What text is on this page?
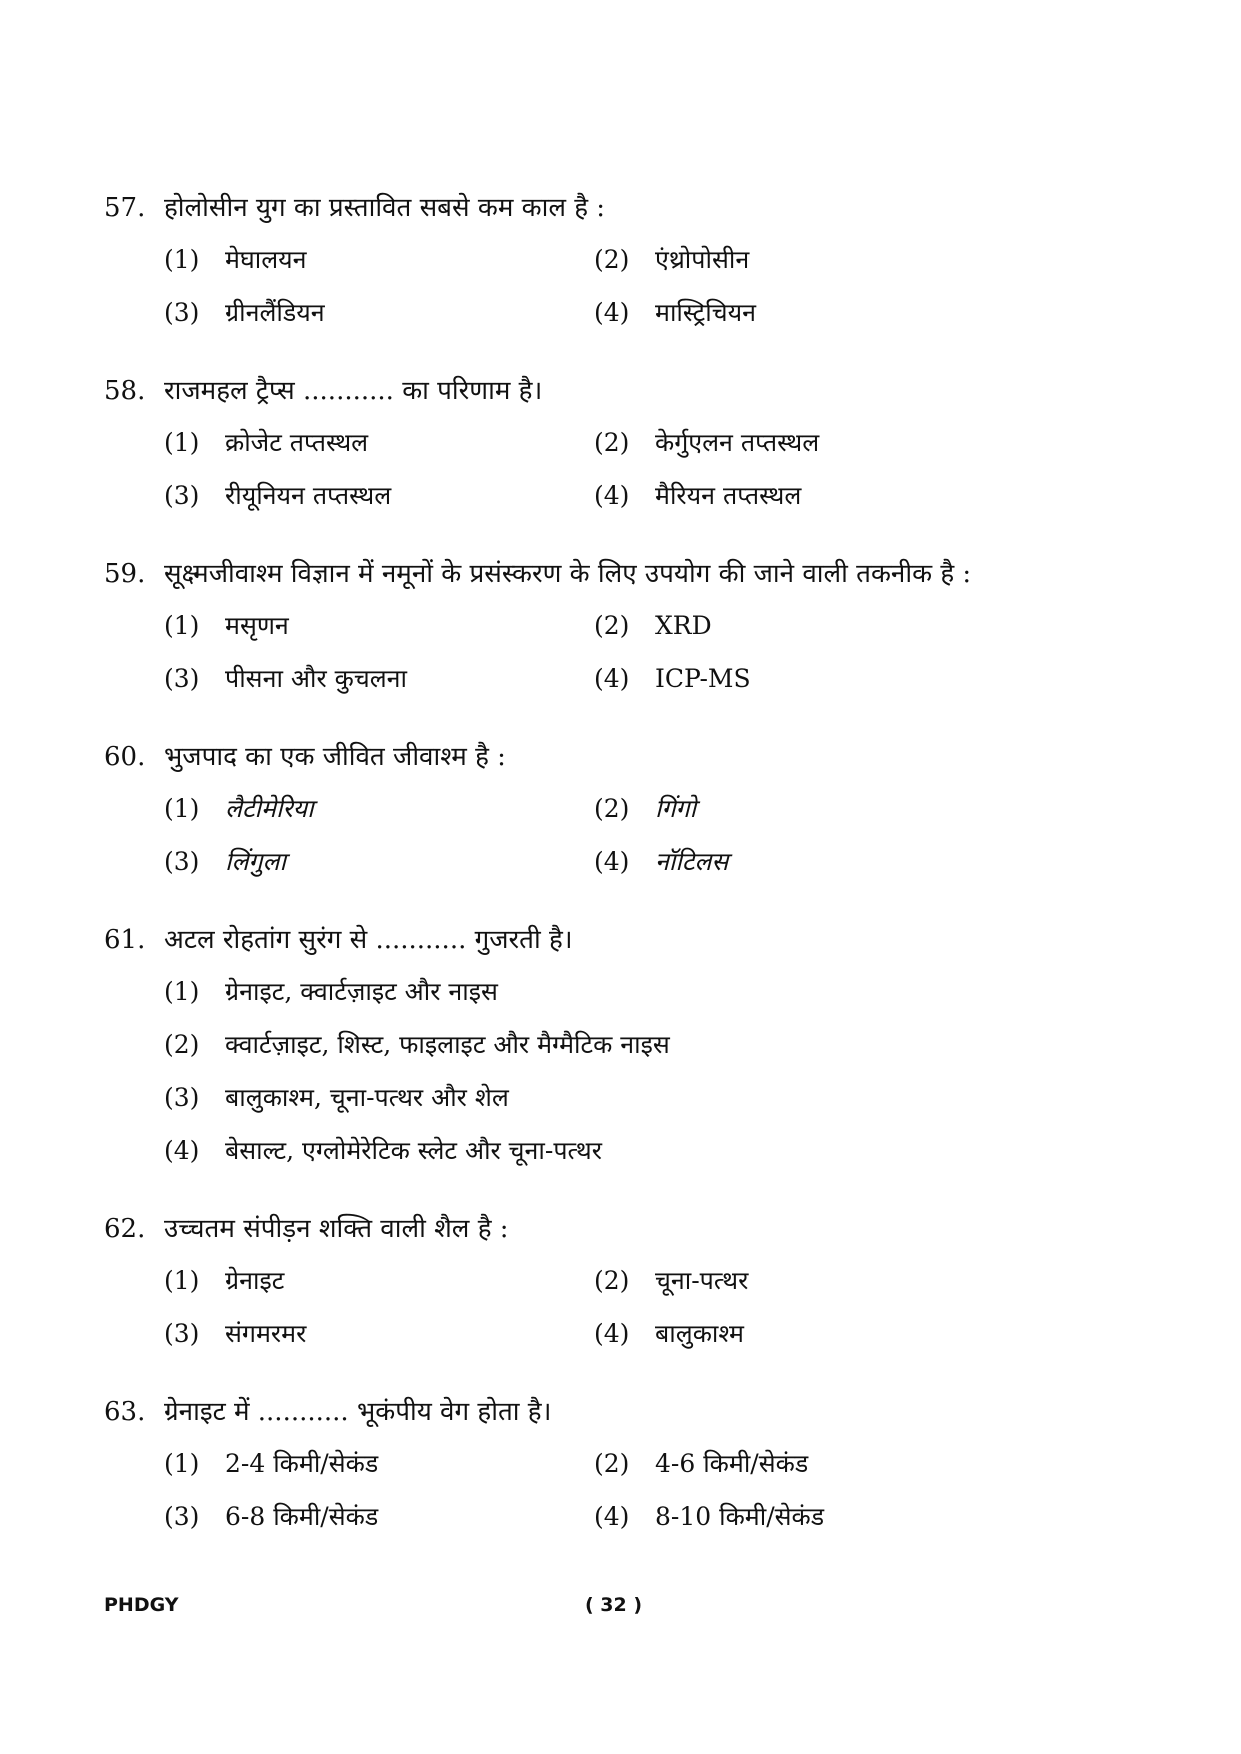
57. होलोसीन युग का प्रस्तावित सबसे कम काल है :
(1)	मेघालयन	(2)	एंथ्रोपोसीन
(3)	ग्रीनलैंडियन	(4)	मास्ट्रिचियन
58. राजमहल ट्रैप्स ........... का परिणाम है।
(1)	क्रोजेट तप्तस्थल	(2)	केर्गुएलन तप्तस्थल
(3)	रीयूनियन तप्तस्थल	(4)	मैरियन तप्तस्थल
59. सूक्ष्मजीवाश्म विज्ञान में नमूनों के प्रसंस्करण के लिए उपयोग की जाने वाली तकनीक है :
(1)	मसृणन	(2)	XRD
(3)	पीसना और कुचलना	(4)	ICP-MS
60. भुजपाद का एक जीवित जीवाश्म है :
(1)	लैटीमेरिया	(2)	गिंगो
(3)	लिंगुला	(4)	नॉटिलस
61. अटल रोहतांग सुरंग से ........... गुजरती है।
(1)	ग्रेनाइट, क्वार्टज़ाइट और नाइस
(2)	क्वार्टज़ाइट, शिस्ट, फाइलाइट और मैग्मैटिक नाइस
(3)	बालुकाश्म, चूना-पत्थर और शेल
(4)	बेसाल्ट, एग्लोमेरेटिक स्लेट और चूना-पत्थर
62. उच्चतम संपीड़न शक्ति वाली शैल है :
(1)	ग्रेनाइट	(2)	चूना-पत्थर
(3)	संगमरमर	(4)	बालुकाश्म
63. ग्रेनाइट में ........... भूकंपीय वेग होता है।
(1)	2-4 किमी/सेकंड	(2)	4-6 किमी/सेकंड
(3)	6-8 किमी/सेकंड	(4)	8-10 किमी/सेकंड
PHDGY	( 32 )
